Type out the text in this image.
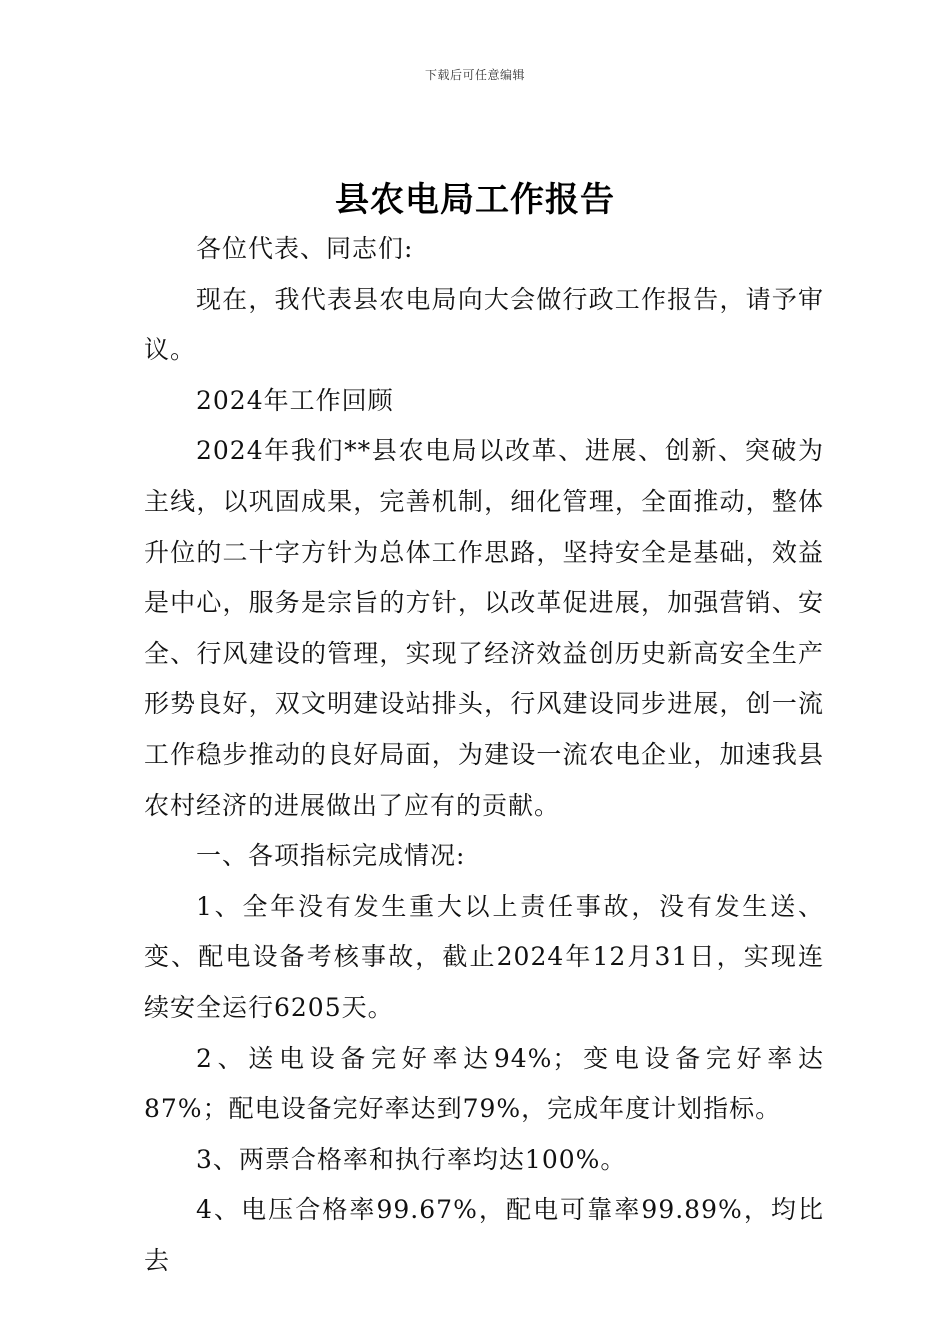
下载后可任意编辑
县农电局工作报告

各位代表、同志们:

现在，我代表县农电局向大会做行政工作报告，请予审议。

2024年工作回顾

2024年我们**县农电局以改革、进展、创新、突破为主线，以巩固成果，完善机制，细化管理，全面推动，整体升位的二十字方针为总体工作思路，坚持安全是基础，效益是中心，服务是宗旨的方针，以改革促进展，加强营销、安全、行风建设的管理，实现了经济效益创历史新高安全生产形势良好，双文明建设站排头，行风建设同步进展，创一流工作稳步推动的良好局面，为建设一流农电企业，加速我县农村经济的进展做出了应有的贡献。

一、各项指标完成情况:

1、全年没有发生重大以上责任事故，没有发生送、变、配电设备考核事故，截止2024年12月31日，实现连续安全运行6205天。

2、送电设备完好率达94%；变电设备完好率达87%；配电设备完好率达到79%，完成年度计划指标。

3、两票合格率和执行率均达100%。

4、电压合格率99.67%，配电可靠率99.89%，均比去
